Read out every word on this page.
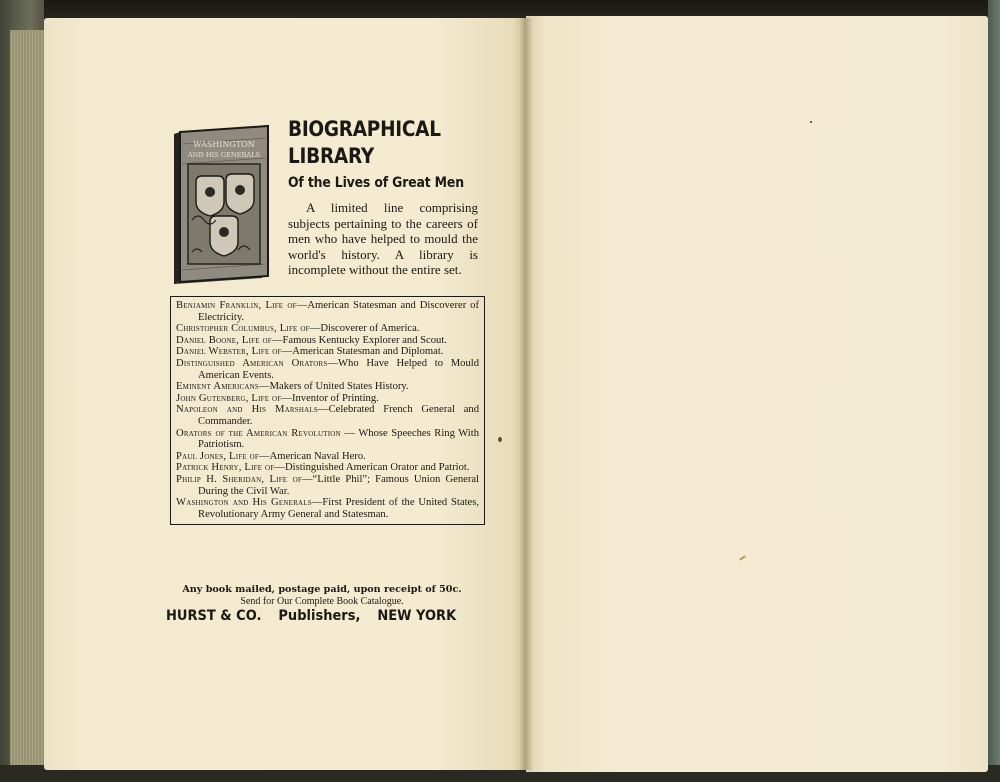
WASHINGTON
AND HIS GENERALS
BIOGRAPHICAL
LIBRARY
Of the Lives of Great Men
A limited line comprising subjects pertaining to the careers of men who have helped to mould the world's history. A library is incomplete without the entire set.

Benjamin Franklin, Life of—American Statesman and Discoverer of Electricity.

Christopher Columbus, Life of—Discoverer of America.

Daniel Boone, Life of—Famous Kentucky Explorer and Scout.

Daniel Webster, Life of—American Statesman and Diplomat.

Distinguished American Orators—Who Have Helped to Mould American Events.

Eminent Americans—Makers of United States History.

John Gutenberg, Life of—Inventor of Printing.

Napoleon and His Marshals—Celebrated French General and Commander.

Orators of the American Revolution — Whose Speeches Ring With Patriotism.

Paul Jones, Life of—American Naval Hero.

Patrick Henry, Life of—Distinguished American Orator and Patriot.

Philip H. Sheridan, Life of—“Little Phil”; Famous Union General During the Civil War.

Washington and His Generals—First President of the United States, Revolutionary Army General and Statesman.

Any book mailed, postage paid, upon receipt of 50c.
Send for Our Complete Book Catalogue.
HURST & CO. Publishers, NEW YORK
